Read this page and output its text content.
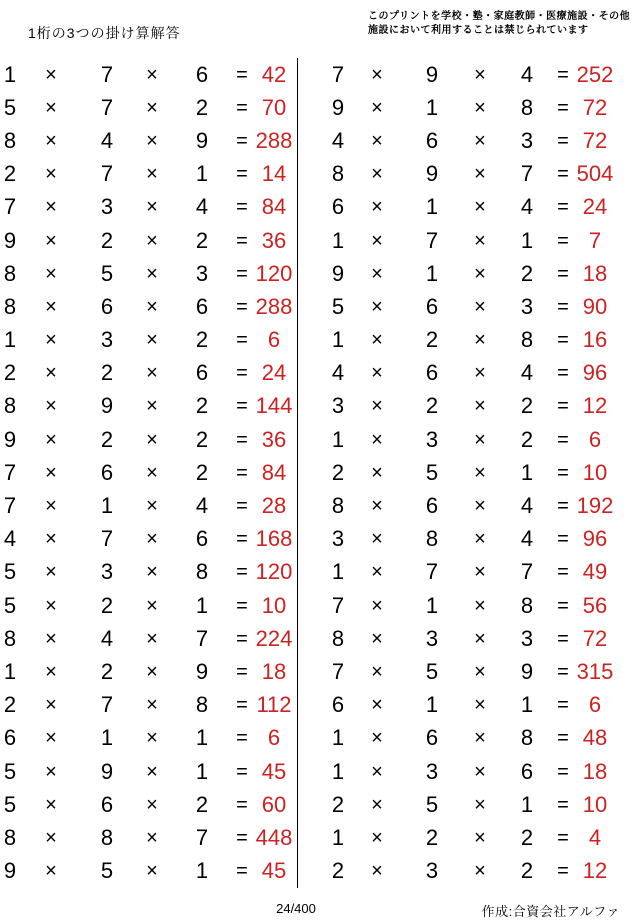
1桁の3つの掛け算解答
このプリントを学校・塾・家庭教師・医療施設・その他
施設において利用することは禁じられています
1	×	7	×	6	= 42
5	×	7	×	2	= 70
8	×	4	×	9	= 288
2	×	7	×	1	= 14
7	×	3	×	4	= 84
9	×	2	×	2	= 36
8	×	5	×	3	= 120
8	×	6	×	6	= 288
1	×	3	×	2	= 6
2	×	2	×	6	= 24
8	×	9	×	2	= 144
9	×	2	×	2	= 36
7	×	6	×	2	= 84
7	×	1	×	4	= 28
4	×	7	×	6	= 168
5	×	3	×	8	= 120
5	×	2	×	1	= 10
8	×	4	×	7	= 224
1	×	2	×	9	= 18
2	×	7	×	8	= 112
6	×	1	×	1	= 6
5	×	9	×	1	= 45
5	×	6	×	2	= 60
8	×	8	×	7	= 448
9	×	5	×	1	= 45
7	×	9	×	4	= 252
9	×	1	×	8	= 72
4	×	6	×	3	= 72
8	×	9	×	7	= 504
6	×	1	×	4	= 24
1	×	7	×	1	= 7
9	×	1	×	2	= 18
5	×	6	×	3	= 90
1	×	2	×	8	= 16
4	×	6	×	4	= 96
3	×	2	×	2	= 12
1	×	3	×	2	= 6
2	×	5	×	1	= 10
8	×	6	×	4	= 192
3	×	8	×	4	= 96
1	×	7	×	7	= 49
7	×	1	×	8	= 56
8	×	3	×	3	= 72
7	×	5	×	9	= 315
6	×	1	×	1	= 6
1	×	6	×	8	= 48
1	×	3	×	6	= 18
2	×	5	×	1	= 10
1	×	2	×	2	= 4
2	×	3	×	2	= 12
24/400	作成:合資会社アルファ
